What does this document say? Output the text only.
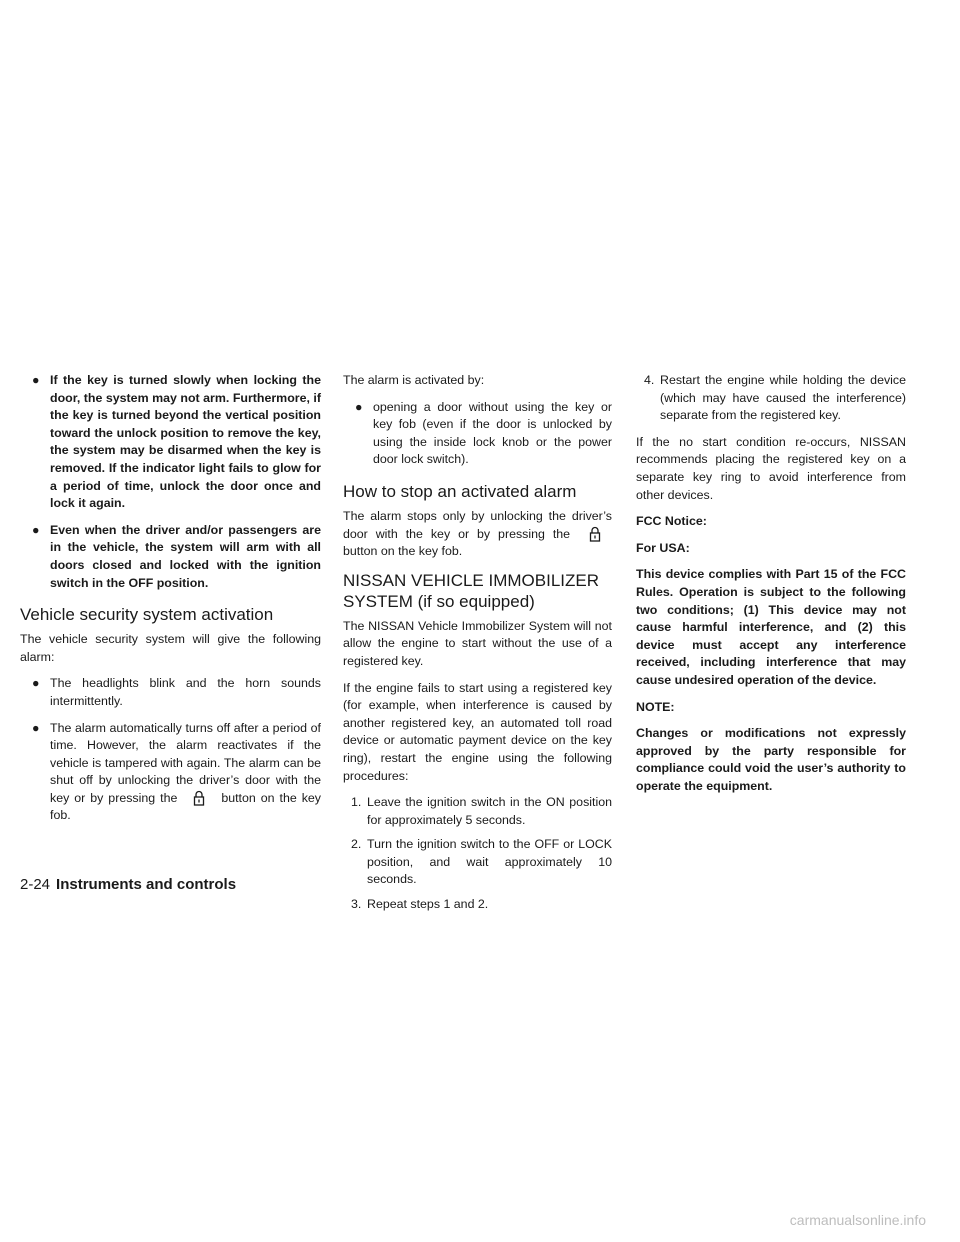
● If the key is turned slowly when locking the door, the system may not arm. Furthermore, if the key is turned beyond the vertical position toward the unlock position to remove the key, the system may be disarmed when the key is removed. If the indicator light fails to glow for a period of time, unlock the door once and lock it again.
● Even when the driver and/or passengers are in the vehicle, the system will arm with all doors closed and locked with the ignition switch in the OFF position.
Vehicle security system activation

The vehicle security system will give the following alarm:

● The headlights blink and the horn sounds intermittently.
● The alarm automatically turns off after a period of time. However, the alarm reactivates if the vehicle is tampered with again. The alarm can be shut off by unlocking the driver’s door with the key or by pressing the	button on the key fob.

The alarm is activated by:

● opening a door without using the key or key fob (even if the door is unlocked by using the inside lock knob or the power door lock switch).
How to stop an activated alarm

The alarm stops only by unlocking the driver’s door with the key or by pressing the
button on the key fob.

NISSAN VEHICLE IMMOBILIZER SYSTEM (if so equipped)

The NISSAN Vehicle Immobilizer System will not allow the engine to start without the use of a registered key.

If the engine fails to start using a registered key (for example, when interference is caused by another registered key, an automated toll road device or automatic payment device on the key ring), restart the engine using the following procedures:

1. Leave the ignition switch in the ON position for approximately 5 seconds.
2. Turn the ignition switch to the OFF or LOCK position, and wait approximately 10 seconds.
3. Repeat steps 1 and 2.
4. Restart the engine while holding the device (which may have caused the interference) separate from the registered key.

If the no start condition re-occurs, NISSAN recommends placing the registered key on a separate key ring to avoid interference from other devices.

FCC Notice:

For USA:

This device complies with Part 15 of the FCC Rules. Operation is subject to the following two conditions; (1) This device may not cause harmful interference, and (2) this device must accept any interference received, including interference that may cause undesired operation of the device.

NOTE:

Changes or modifications not expressly approved by the party responsible for compliance could void the user’s authority to operate the equipment.

2-24 Instruments and controls
carmanualsonline.info
